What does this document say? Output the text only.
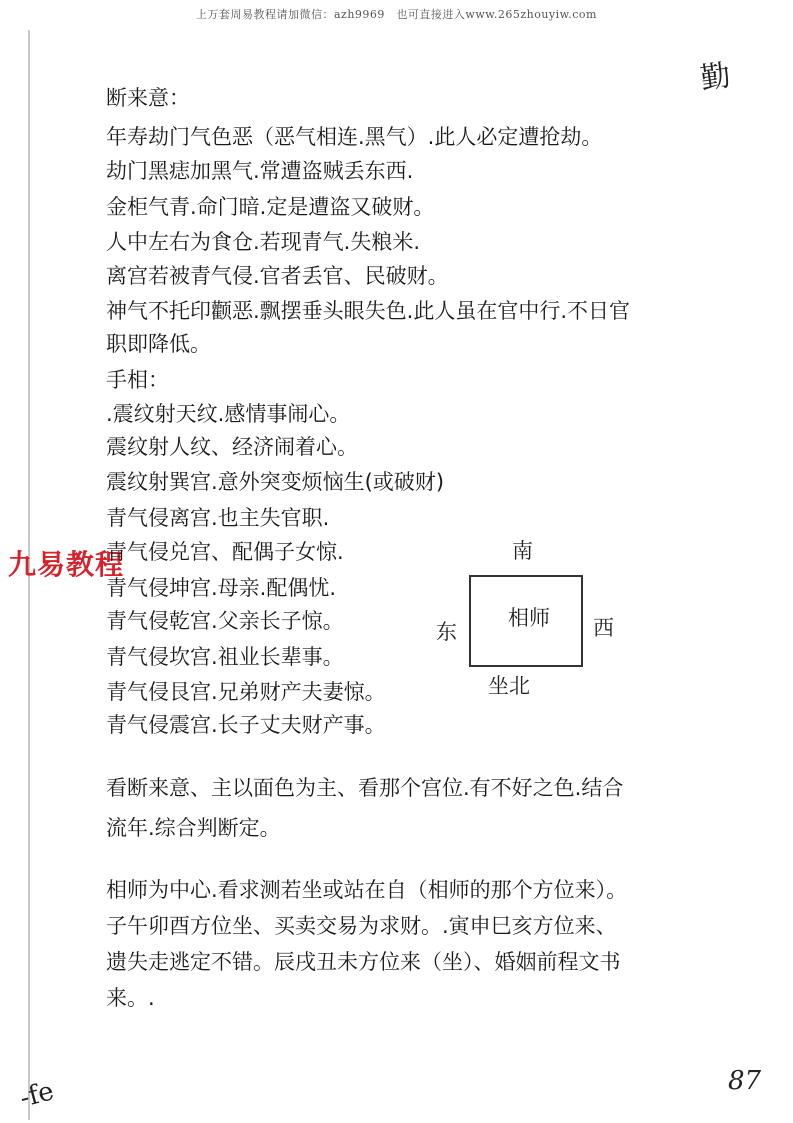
上万套周易教程请加微信：azh9969　也可直接进入www.265zhouyiw.com
勤
九易教程
断来意：
年寿劫门气色恶（恶气相连.黑气）.此人必定遭抢劫。
劫门黑痣加黑气.常遭盗贼丢东西.
金柜气青.命门暗.定是遭盗又破财。
人中左右为食仓.若现青气.失粮米.
离宫若被青气侵.官者丢官、民破财。
神气不托印颧恶.飘摆垂头眼失色.此人虽在官中行.不日官
职即降低。
手相：
.震纹射天纹.感情事闹心。
震纹射人纹、经济闹着心。
震纹射巽宫.意外突变烦恼生(或破财)
青气侵离宫.也主失官职.
青气侵兑宫、配偶子女惊.
青气侵坤宫.母亲.配偶忧.
青气侵乾宫.父亲长子惊。
青气侵坎宫.祖业长辈事。
青气侵艮宫.兄弟财产夫妻惊。
青气侵震宫.长子丈夫财产事。
看断来意、主以面色为主、看那个宫位.有不好之色.结合
流年.综合判断定。
相师为中心.看求测若坐或站在自（相师的那个方位来）。
子午卯酉方位坐、买卖交易为求财。.寅申巳亥方位来、
遗失走逃定不错。辰戌丑未方位来（坐）、婚姻前程文书
来。.
南
相师
东	西
坐北
87
-fe
